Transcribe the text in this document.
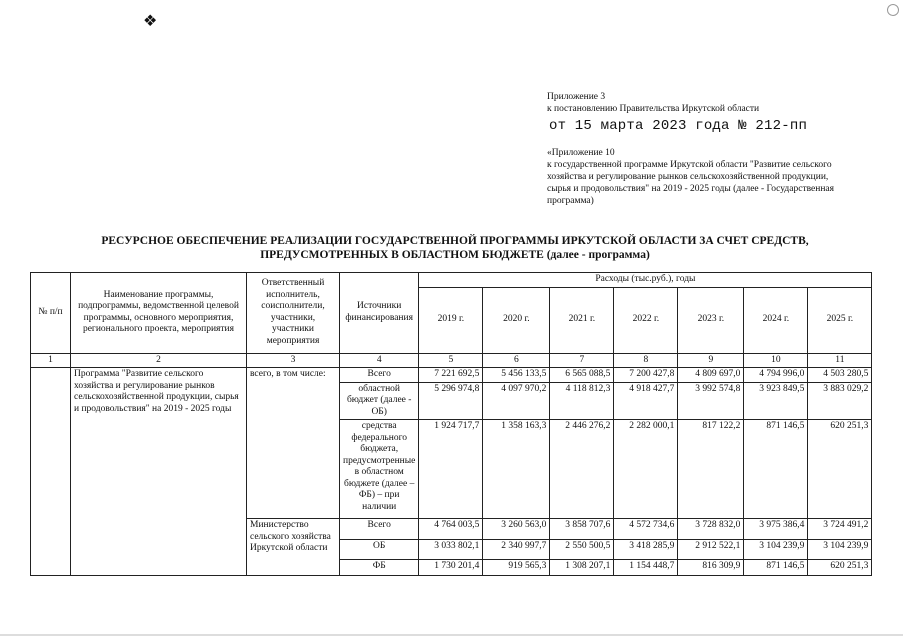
❖
Приложение 3
к постановлению Правительства Иркутской области
от 15 марта 2023 года № 212-пп
«Приложение 10
к государственной программе Иркутской области "Развитие сельского
хозяйства и регулирование рынков сельскохозяйственной продукции,
сырья и продовольствия" на 2019 - 2025 годы (далее - Государственная
программа)
РЕСУРСНОЕ ОБЕСПЕЧЕНИЕ РЕАЛИЗАЦИИ ГОСУДАРСТВЕННОЙ ПРОГРАММЫ ИРКУТСКОЙ ОБЛАСТИ ЗА СЧЕТ СРЕДСТВ,
ПРЕДУСМОТРЕННЫХ В ОБЛАСТНОМ БЮДЖЕТЕ (далее - программа)
№ п/п	Наименование программы, подпрограммы, ведомственной целевой программы, основного мероприятия, регионального проекта, мероприятия	Ответственный исполнитель, соисполнители, участники, участники мероприятия	Источники финансирования	Расходы (тыс.руб.), годы						
				2019 г.	2020 г.	2021 г.	2022 г.	2023 г.	2024 г.	2025 г.
1	2	3	4	5	6	7	8	9	10	11
	Программа "Развитие сельского хозяйства и регулирование рынков сельскохозяйственной продукции, сырья и продовольствия" на 2019 - 2025 годы	всего, в том числе:	Всего	7 221 692,5	5 456 133,5	6 565 088,5	7 200 427,8	4 809 697,0	4 794 996,0	4 503 280,5
			областной бюджет (далее - ОБ)	5 296 974,8	4 097 970,2	4 118 812,3	4 918 427,7	3 992 574,8	3 923 849,5	3 883 029,2
			средства федерального бюджета, предусмотренные в областном бюджете (далее – ФБ) – при наличии	1 924 717,7	1 358 163,3	2 446 276,2	2 282 000,1	817 122,2	871 146,5	620 251,3
		Министерство сельского хозяйства Иркутской области	Всего	4 764 003,5	3 260 563,0	3 858 707,6	4 572 734,6	3 728 832,0	3 975 386,4	3 724 491,2
			ОБ	3 033 802,1	2 340 997,7	2 550 500,5	3 418 285,9	2 912 522,1	3 104 239,9	3 104 239,9
			ФБ	1 730 201,4	919 565,3	1 308 207,1	1 154 448,7	816 309,9	871 146,5	620 251,3
